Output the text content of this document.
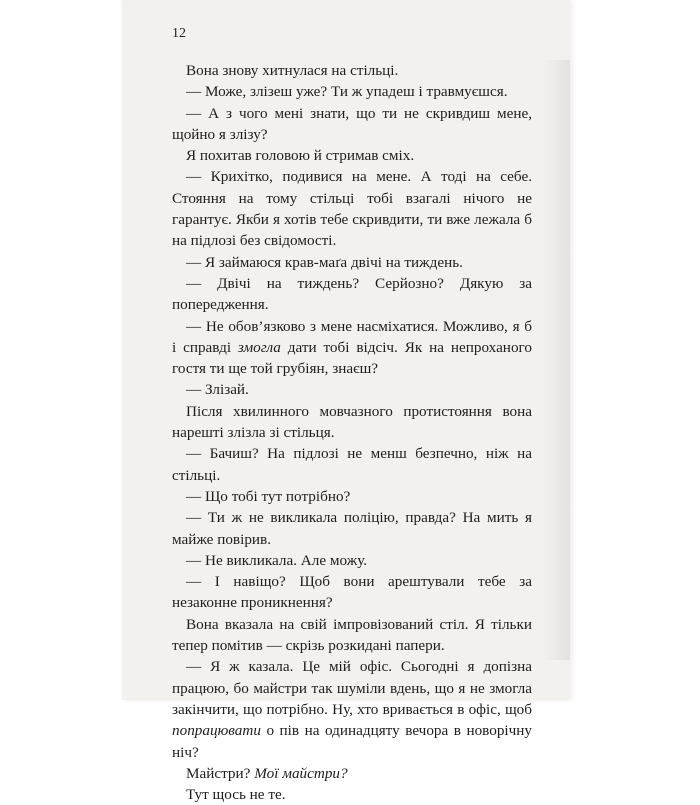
12

Вона знову хитнулася на стільці.

— Може, злізеш уже? Ти ж упадеш і травмуєшся.

— А з чого мені знати, що ти не скривдиш мене, щойно я злізу?

Я похитав головою й стримав сміх.

— Крихітко, подивися на мене. А тоді на себе. Стояння на тому стільці тобі взагалі нічого не гарантує. Якби я хотів тебе скривдити, ти вже лежала б на підлозі без свідомості.

— Я займаюся крав-маґа двічі на тиждень.

— Двічі на тиждень? Серйозно? Дякую за попередження.

— Не обов’язково з мене насміхатися. Можливо, я б і справді змогла дати тобі відсіч. Як на непроханого гостя ти ще той грубіян, знаєш?

— Злізай.

Після хвилинного мовчазного протистояння вона нарешті злізла зі стільця.

— Бачиш? На підлозі не менш безпечно, ніж на стільці.

— Що тобі тут потрібно?

— Ти ж не викликала поліцію, правда? На мить я майже повірив.

— Не викликала. Але можу.

— І навіщо? Щоб вони арештували тебе за незаконне проникнення?

Вона вказала на свій імпровізований стіл. Я тільки тепер помітив — скрізь розкидані папери.

— Я ж казала. Це мій офіс. Сьогодні я допізна працюю, бо майстри так шуміли вдень, що я не змогла закінчити, що потрібно. Ну, хто вривається в офіс, щоб попрацювати о пів на одинадцяту вечора в новорічну ніч?

Майстри? Мої майстри?

Тут щось не те.
